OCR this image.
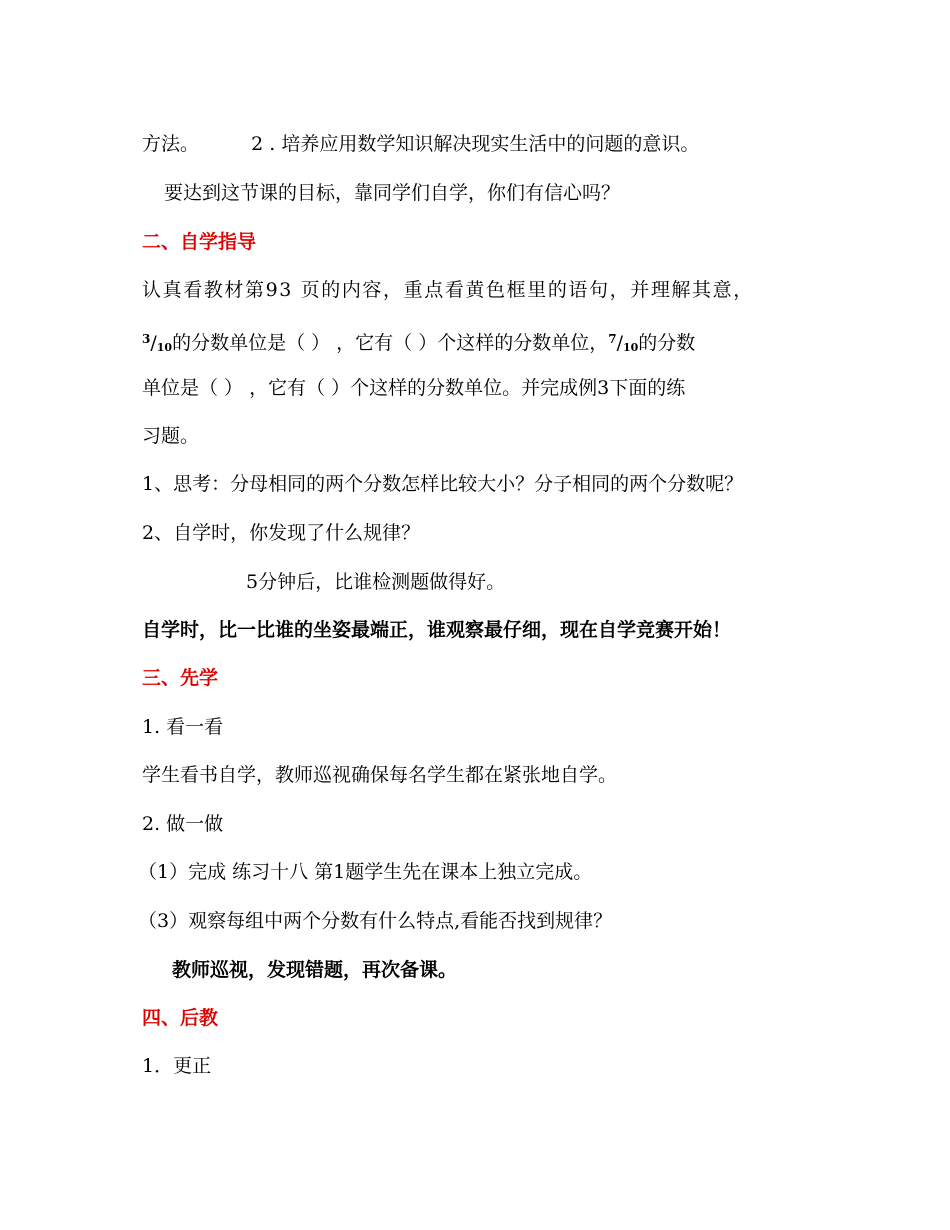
方法。	2 . 培养应用数学知识解决现实生活中的问题的意识。
要达到这节课的目标，靠同学们自学，你们有信心吗？
二、自学指导
认真看教材第93 页的内容，重点看黄色框里的语句，并理解其意，
$^3$/10的分数单位是（ ） ，它有（ ）个这样的分数单位，$^7$/10的分数
单位是（ ） ，它有（ ）个这样的分数单位。并完成例3下面的练
习题。
1、思考：分母相同的两个分数怎样比较大小？分子相同的两个分数呢？
2、自学时，你发现了什么规律？
5分钟后，比谁检测题做得好。
自学时，比一比谁的坐姿最端正，谁观察最仔细，现在自学竞赛开始！
三、先学
1. 看一看
学生看书自学，教师巡视确保每名学生都在紧张地自学。
2. 做一做
（1）完成 练习十八 第1题学生先在课本上独立完成。
（3）观察每组中两个分数有什么特点,看能否找到规律？
教师巡视，发现错题，再次备课。
四、后教
1．更正
